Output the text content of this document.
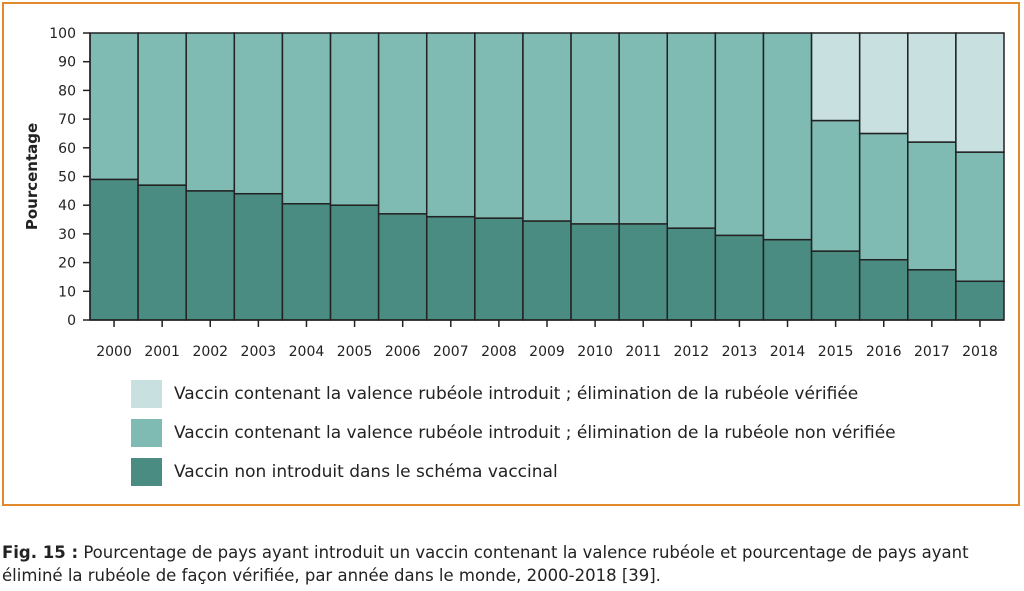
0
10
20
30
40
50
60
70
80
90
100
2000 2001 2002 2003 2004 2005 2006 2007 2008 2009 2010 2011 2012 2013 2014 2015 2016 2017 2018
Pourcentage
Vaccin contenant la valence rubéole introduit ; élimination de la rubéole vérifiée
Vaccin contenant la valence rubéole introduit ; élimination de la rubéole non vérifiée
Vaccin non introduit dans le schéma vaccinal
Fig. 15 : Pourcentage de pays ayant introduit un vaccin contenant la valence rubéole et pourcentage de pays ayant éliminé la rubéole de façon vérifiée, par année dans le monde, 2000-2018 [39].
